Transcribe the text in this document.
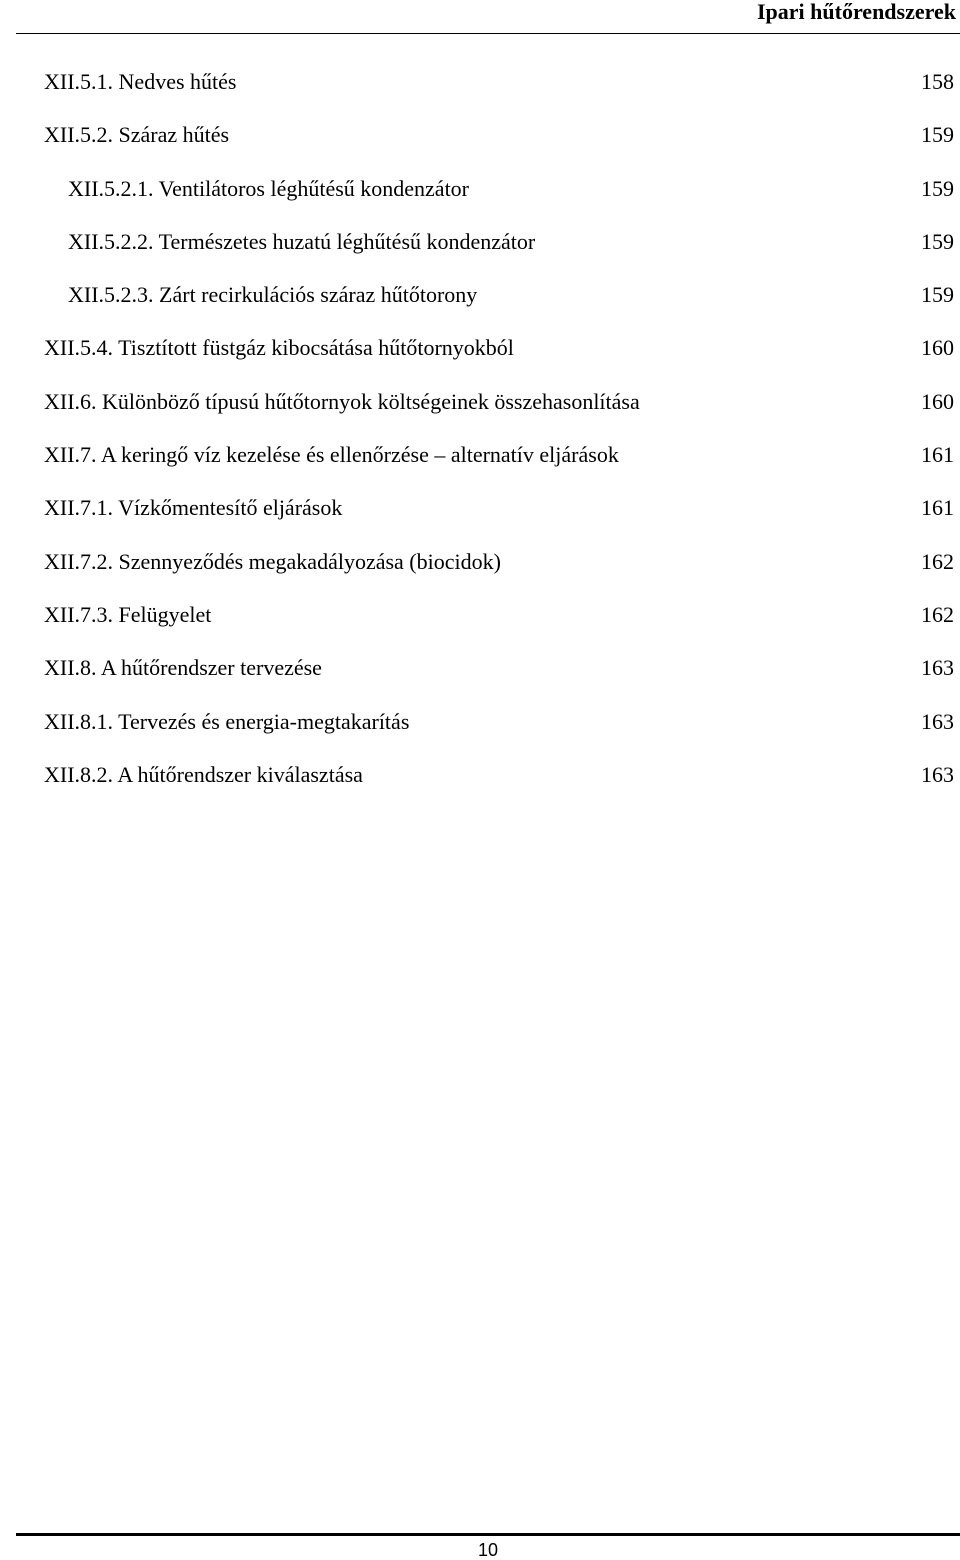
Ipari hűtőrendszerek
XII.5.1. Nedves hűtés	158
XII.5.2. Száraz hűtés	159
XII.5.2.1. Ventilátoros léghűtésű kondenzátor	159
XII.5.2.2. Természetes huzatú léghűtésű kondenzátor	159
XII.5.2.3. Zárt recirkulációs száraz hűtőtorony	159
XII.5.4. Tisztított füstgáz kibocsátása hűtőtornyokból	160
XII.6. Különböző típusú hűtőtornyok költségeinek összehasonlítása	160
XII.7. A keringő víz kezelése és ellenőrzése – alternatív eljárások	161
XII.7.1. Vízkőmentesítő eljárások	161
XII.7.2. Szennyeződés megakadályozása (biocidok)	162
XII.7.3. Felügyelet	162
XII.8. A hűtőrendszer tervezése	163
XII.8.1. Tervezés és energia-megtakarítás	163
XII.8.2. A hűtőrendszer kiválasztása	163
10
